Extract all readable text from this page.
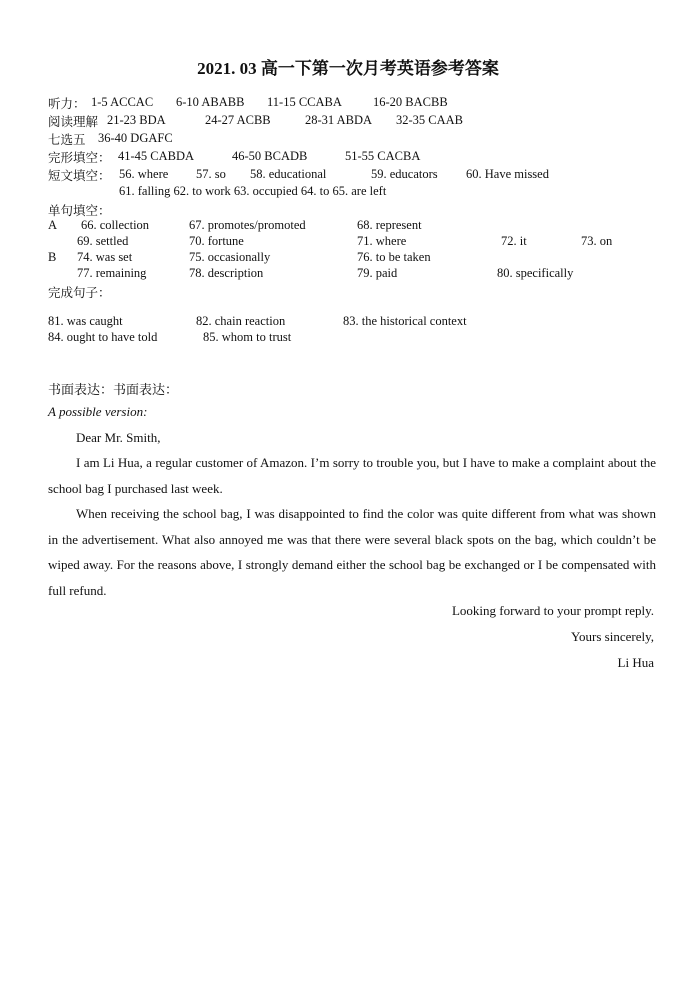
2021. 03 高一下第一次月考英语参考答案
听力： 1-5 ACCAC 6-10 ABABB 11-15 CCABA 16-20 BACBB
阅读理解 21-23 BDA	24-27 ACBB	28-31 ABDA 32-35 CAAB
七选五 36-40 DGAFC
完形填空： 41-45 CABDA	46-50 BCADB	51-55 CACBA
短文填空： 56. where 57. so 58. educational	59. educators 60. Have missed
61. falling 62. to work 63. occupied 64. to 65. are left
单句填空：
A 66. collection	67. promotes/promoted	68. represent
69. settled	70. fortune	71. where	72. it	73. on
B 74. was set	75. occasionally	76. to be taken
77. remaining	78. description	79. paid	80. specifically
完成句子：
81. was caught	82. chain reaction	83. the historical context
84. ought to have told	85. whom to trust
书面表达：书面表达：
A possible version:
Dear Mr. Smith,
I am Li Hua, a regular customer of Amazon. I’m sorry to trouble you, but I have to make a complaint about the school bag I purchased last week.
When receiving the school bag, I was disappointed to find the color was quite different from what was shown in the advertisement. What also annoyed me was that there were several black spots on the bag, which couldn’t be wiped away. For the reasons above, I strongly demand either the school bag be exchanged or I be compensated with full refund.
Looking forward to your prompt reply.
Yours sincerely,
Li Hua
